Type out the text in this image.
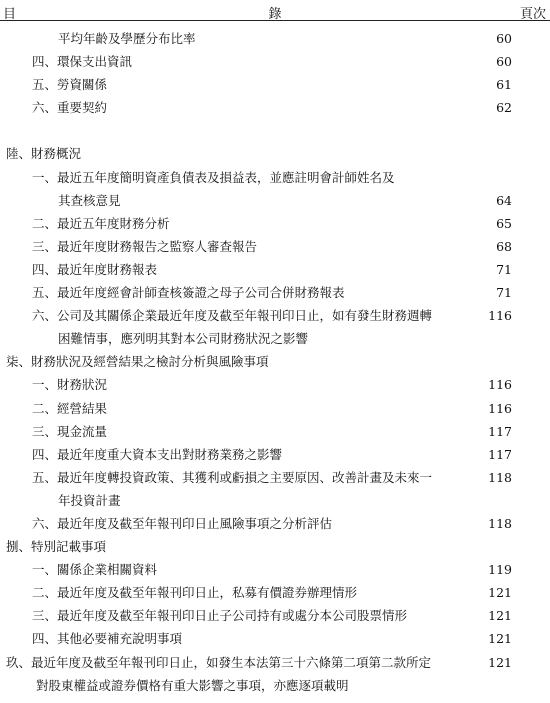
目	錄	頁次
平均年齡及學歷分布比率	60
四、環保支出資訊	60
五、勞資關係	61
六、重要契約	62
陸、財務概況
一、最近五年度簡明資產負債表及損益表，並應註明會計師姓名及
其查核意見	64
二、最近五年度財務分析	65
三、最近年度財務報告之監察人審查報告	68
四、最近年度財務報表	71
五、最近年度經會計師查核簽證之母子公司合併財務報表	71
六、公司及其關係企業最近年度及截至年報刊印日止，如有發生財務週轉	116
困難情事，應列明其對本公司財務狀況之影響
柒、財務狀況及經營結果之檢討分析與風險事項
一、財務狀況	116
二、經營結果	116
三、現金流量	117
四、最近年度重大資本支出對財務業務之影響	117
五、最近年度轉投資政策、其獲利或虧損之主要原因、改善計畫及未來一	118
年投資計畫
六、最近年度及截至年報刊印日止風險事項之分析評估	118
捌、特別記載事項
一、關係企業相關資料	119
二、最近年度及截至年報刊印日止，私募有價證券辦理情形	121
三、最近年度及截至年報刊印日止子公司持有或處分本公司股票情形	121
四、其他必要補充說明事項	121
玖、最近年度及截至年報刊印日止，如發生本法第三十六條第二項第二款所定	121
對股東權益或證券價格有重大影響之事項，亦應逐項載明
